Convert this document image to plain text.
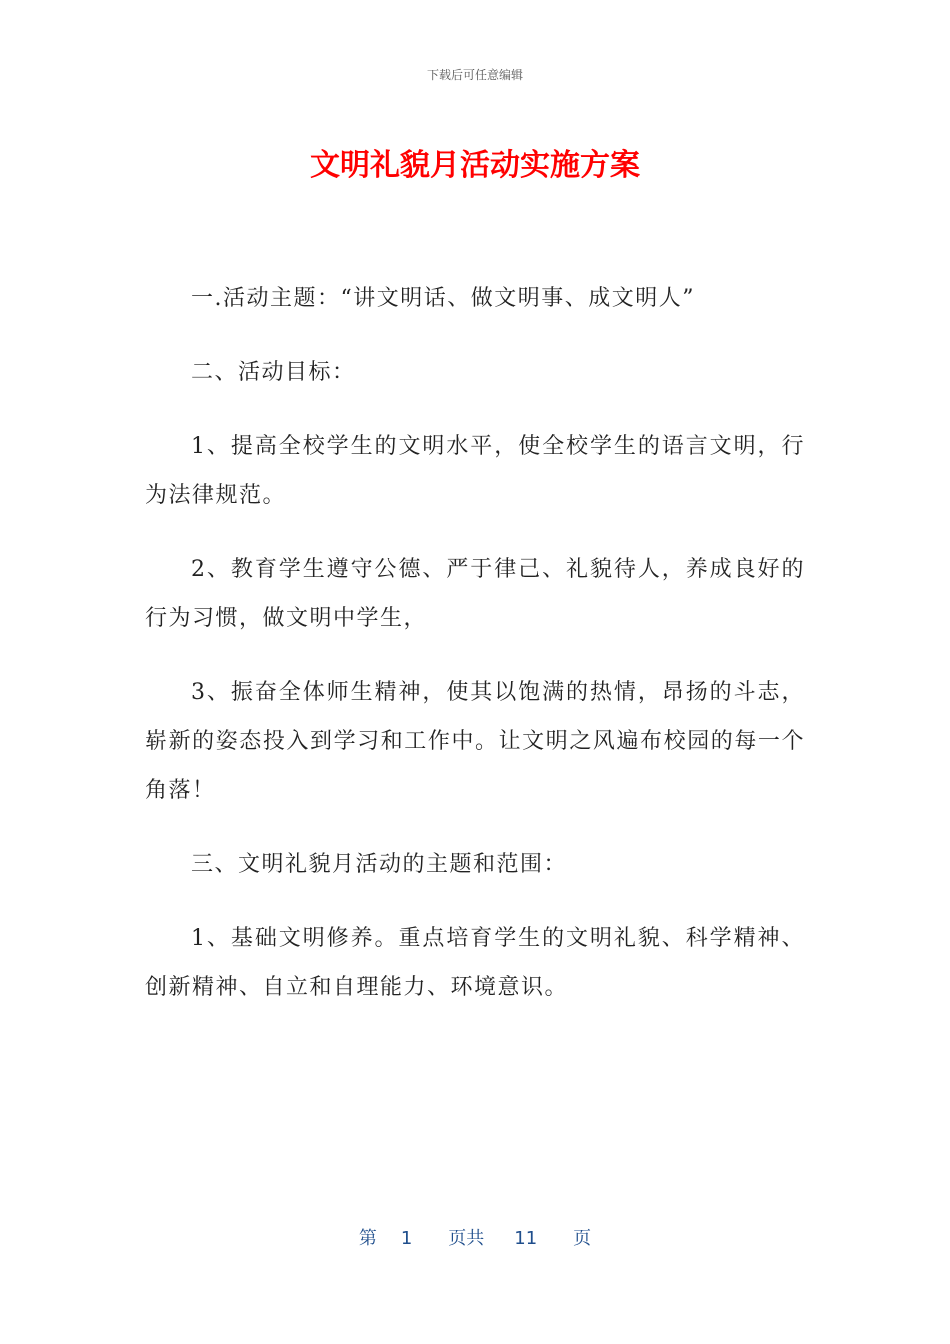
下载后可任意编辑
文明礼貌月活动实施方案

一.活动主题：“讲文明话、做文明事、成文明人”

二、活动目标：

1、提高全校学生的文明水平，使全校学生的语言文明，行为法律规范。

2、教育学生遵守公德、严于律己、礼貌待人，养成良好的行为习惯，做文明中学生，

3、振奋全体师生精神，使其以饱满的热情，昂扬的斗志，崭新的姿态投入到学习和工作中。让文明之风遍布校园的每一个角落！

三、文明礼貌月活动的主题和范围：

1、基础文明修养。重点培育学生的文明礼貌、科学精神、创新精神、自立和自理能力、环境意识。

第 1 页共 11 页
